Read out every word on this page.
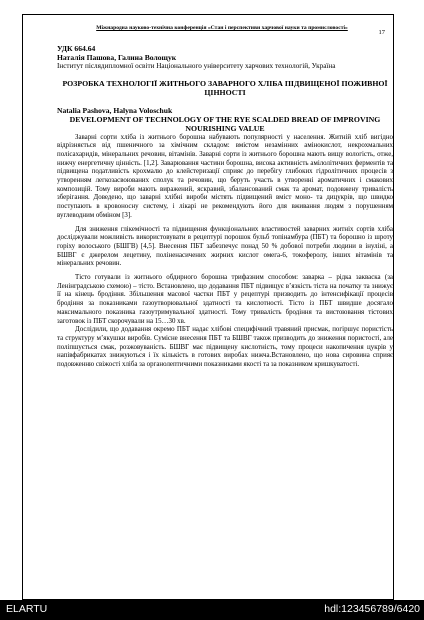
17
Міжнародна науково-технічна конференція «Стан і перспективи харчової науки та промисловості»
УДК 664.64
Наталія Пашова, Галина Волощук
Інститут післядипломної освіти Національного університету харчових технологій, Україна
РОЗРОБКА ТЕХНОЛОГІЇ ЖИТНЬОГО ЗАВАРНОГО ХЛІБА ПІДВИЩЕНОЇ ПОЖИВНОЇ ЦІННОСТІ
Natalia Pashova, Halyna Voloschuk
DEVELOPMENT OF TECHNOLOGY OF THE RYE SCALDED BREAD OF IMPROVING NOURISHING VALUE

Заварні сорти хліба із житнього борошна набувають популярності у населення. Житній хліб вигідно відрізняється від пшеничного за хімічним складом: вмістом незамінних амінокислот, некрохмальних полісахаридів, мінеральних речовин, вітамінів. Заварні сорти із житнього борошна мають вищу вологість, отже, нижчу енергетичну цінність. [1,2]. Заварювання частини борошна, висока активність амілолітичних ферментів та підвищена податливість крохмалю до клейстеризації сприяє до перебігу глибоких гідролітичних процесів з утворенням легкозасвоюваних сполук та речовин, що беруть участь в утворенні ароматичних і смакових композицій. Тому вироби мають виражений, яскравий, збалансований смак та аромат, подовжену тривалість зберігання. Доведено, що заварні хлібні вироби містять підвищений вміст моно- та дицукрів, що швидко поступають в кровоносну систему, і лікарі не рекомендують його для вживання людям з порушенням вуглеводним обміном [3].

Для зниження глікемічності та підвищення функціональних властивостей заварних житніх сортів хліба досліджували можливість використовувати в рецептурі порошок бульб топінамбура (ПБТ) та борошно із шроту горіху волоського (БШГВ) [4,5]. Внесення ПБТ забезпечує понад 50 % добової потреби людини в інуліні, а БШВГ є джерелом лецетину, поліненасичених жирних кислот омега-6, токоферолу, інших вітамінів та мінеральних речовин.

Тісто готували із житнього обдирного борошна трифазним способом: заварка – рідка закваска (за Ленінградською схемою) – тісто. Встановлено, що додавання ПБТ підвищує в’язкість тіста на початку та знижує її на кінець бродіння. Збільшення масової частки ПБТ у рецептурі призводить до інтенсифікації процесів бродіння за показниками газоутворювальної здатності та кислотності. Тісто із ПБТ швидше досягало максимального показника газоутримувальної здатності. Тому тривалість бродіння та вистоювання тістових заготовок із ПБТ скорочували на 15…30 хв.

Дослідили, що додавання окремо ПБТ надає хлібові специфічний травяний присмак, погіршує пористість та структуру м’якушки виробів. Сумісне внесення ПБТ та БШВГ також призводить до зниження пористості, але поліпшується смак, розжовуваність. БШВГ має підвищену кислотність, тому процеси накопичення цукрів у напівфабрикатах знижуються і їх кількість в готових виробах нижча.Встановлено, що нова сировина сприяє подовженню свіжості хліба за органолептичними показниками якості та за показником кришкуватості.

ELARTU	hdl:123456789/6420
